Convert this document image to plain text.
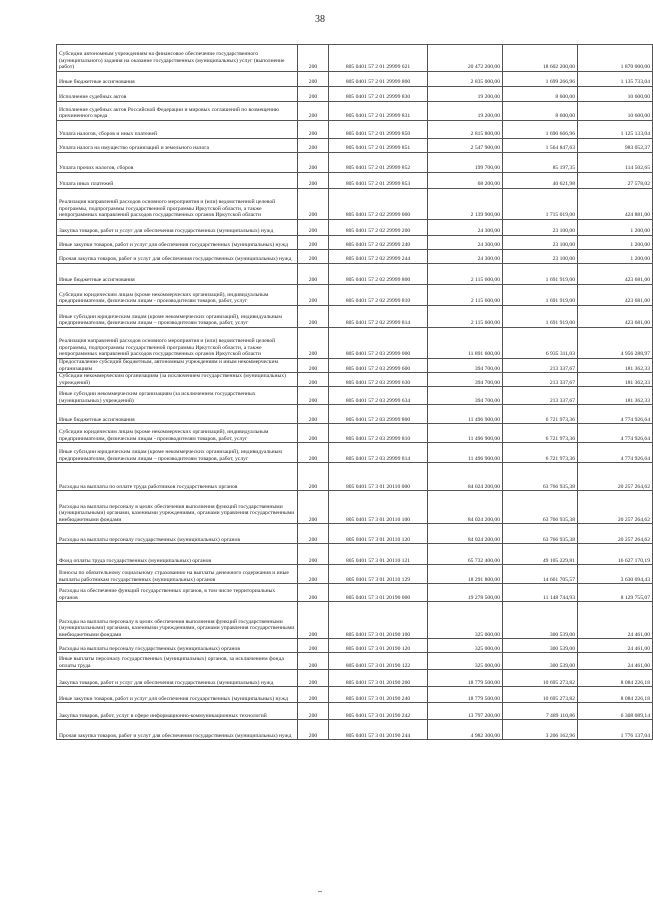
38
Субсидии автономным учреждениям на финансовое обеспечение государственного (муниципального) задания на оказание государственных (муниципальных) услуг (выполнение работ)	200	805 0401 57 2 01 29999 621	20 472 200,00	18 602 200,00	1 870 000,00
Иные бюджетные ассигнования	200	805 0401 57 2 01 29999 800	2 835 000,00	1 699 266,96	1 135 733,04
Исполнение судебных актов	200	805 0401 57 2 01 29999 830	19 200,00	8 600,00	10 600,00
Исполнение судебных актов Российской Федерации и мировых соглашений по возмещению причиненного вреда	200	805 0401 57 2 01 29999 831	19 200,00	8 600,00	10 600,00
Уплата налогов, сборов и иных платежей	200	805 0401 57 2 01 29999 850	2 815 800,00	1 690 666,96	1 125 133,04
Уплата налога на имущество организаций и земельного налога	200	805 0401 57 2 01 29999 851	2 547 900,00	1 564 847,63	983 052,37
Уплата прочих налогов, сборов	200	805 0401 57 2 01 29999 852	199 700,00	85 197,35	114 502,65
Уплата иных платежей	200	805 0401 57 2 01 29999 853	68 200,00	40 621,98	27 578,02
Реализация направлений расходов основного мероприятия и (или) ведомственной целевой программы, подпрограммы государственной программы Иркутской области, а также непрограммных направлений расходов государственных органов Иркутской области	200	805 0401 57 2 02 29999 000	2 139 900,00	1 715 019,00	424 881,00
Закупка товаров, работ и услуг для обеспечения государственных (муниципальных) нужд	200	805 0401 57 2 02 29999 200	24 300,00	23 100,00	1 200,00
Иные закупки товаров, работ и услуг для обеспечения государственных (муниципальных) нужд	200	805 0401 57 2 02 29999 240	24 300,00	23 100,00	1 200,00
Прочая закупка товаров, работ и услуг для обеспечения государственных (муниципальных) нужд	200	805 0401 57 2 02 29999 244	24 300,00	23 100,00	1 200,00
Иные бюджетные ассигнования	200	805 0401 57 2 02 29999 800	2 115 600,00	1 691 919,00	423 681,00
Субсидии юридическим лицам (кроме некоммерческих организаций), индивидуальным предпринимателям, физическим лицам - производителям товаров, работ, услуг	200	805 0401 57 2 02 29999 810	2 115 600,00	1 691 919,00	423 681,00
Иные субсидии юридическим лицам (кроме некоммерческих организаций), индивидуальным предпринимателям, физическим лицам – производителям товаров, работ, услуг	200	805 0401 57 2 02 29999 814	2 115 600,00	1 691 919,00	423 681,00
Реализация направлений расходов основного мероприятия и (или) ведомственной целевой программы, подпрограммы государственной программы Иркутской области, а также непрограммных направлений расходов государственных органов Иркутской области	200	805 0401 57 2 03 29999 000	11 891 600,00	6 935 311,03	4 956 288,97
Предоставление субсидий бюджетным, автономным учреждениям и иным некоммерческим организациям	200	805 0401 57 2 03 29999 600	394 700,00	213 337,67	181 362,33
Субсидии некоммерческим организациям (за исключением государственных (муниципальных) учреждений)	200	805 0401 57 2 03 29999 630	394 700,00	213 337,67	181 362,33
Иные субсидии некоммерческим организациям (за исключением государственных (муниципальных) учреждений)	200	805 0401 57 2 03 29999 634	394 700,00	213 337,67	181 362,33
Иные бюджетные ассигнования	200	805 0401 57 2 03 29999 800	11 496 900,00	6 721 973,36	4 774 926,64
Субсидии юридическим лицам (кроме некоммерческих организаций), индивидуальным предпринимателям, физическим лицам - производителям товаров, работ, услуг	200	805 0401 57 2 03 29999 810	11 496 900,00	6 721 973,36	4 774 926,64
Иные субсидии юридическим лицам (кроме некоммерческих организаций), индивидуальным предпринимателям, физическим лицам – производителям товаров, работ, услуг	200	805 0401 57 2 03 29999 814	11 496 900,00	6 721 973,36	4 774 926,64
Расходы на выплаты по оплате труда работников государственных органов	200	805 0401 57 3 01 20110 000	84 024 200,00	63 766 935,38	20 257 264,62
Расходы на выплаты персоналу в целях обеспечения выполнения функций государственными (муниципальными) органами, казенными учреждениями, органами управления государственными внебюджетными фондами	200	805 0401 57 3 01 20110 100	84 024 200,00	63 766 935,38	20 257 264,62
Расходы на выплаты персоналу государственных (муниципальных) органов	200	805 0401 57 3 01 20110 120	84 024 200,00	63 766 935,38	20 257 264,62
Фонд оплаты труда государственных (муниципальных) органов	200	805 0401 57 3 01 20110 121	65 732 400,00	49 105 229,81	16 627 170,19
Взносы по обязательному социальному страхованию на выплаты денежного содержания и иные выплаты работникам государственных (муниципальных) органов	200	805 0401 57 3 01 20110 129	18 291 800,00	14 661 705,57	3 630 094,43
Расходы на обеспечение функций государственных органов, в том числе территориальных органов	200	805 0401 57 3 01 20190 000	19 278 500,00	11 148 744,93	8 129 755,07
Расходы на выплаты персоналу в целях обеспечения выполнения функций государственными (муниципальными) органами, казенными учреждениями, органами управления государственными внебюджетными фондами	200	805 0401 57 3 01 20190 100	325 000,00	300 539,00	24 461,00
Расходы на выплаты персоналу государственных (муниципальных) органов	200	805 0401 57 3 01 20190 120	325 000,00	300 539,00	24 461,00
Иные выплаты персоналу государственных (муниципальных) органов, за исключением фонда оплаты труда	200	805 0401 57 3 01 20190 122	325 000,00	300 539,00	24 461,00
Закупка товаров, работ и услуг для обеспечения государственных (муниципальных) нужд	200	805 0401 57 3 01 20190 200	18 779 500,00	10 695 273,82	8 084 226,18
Иные закупки товаров, работ и услуг для обеспечения государственных (муниципальных) нужд	200	805 0401 57 3 01 20190 240	18 779 500,00	10 695 273,82	8 084 226,18
Закупка товаров, работ, услуг в сфере информационно-коммуникационных технологий	200	805 0401 57 3 01 20190 242	13 797 200,00	7 489 110,86	6 308 089,14
Прочая закупка товаров, работ и услуг для обеспечения государственных (муниципальных) нужд	200	805 0401 57 3 01 20190 244	4 982 300,00	3 206 162,96	1 776 137,04
